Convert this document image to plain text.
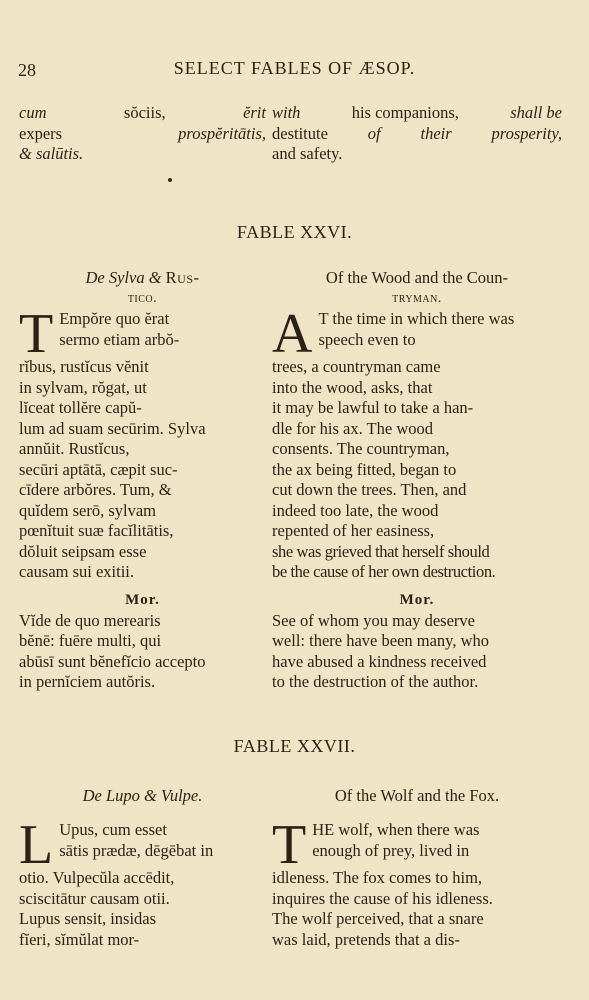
28	SELECT FABLES OF ÆSOP.
cum	sŏciis,	ĕrit
expers	prospĕritātis,
& salūtis.
with	his companions,	shall be
destitute of their prosperity,
and safety.
FABLE XXVI.
De Sylva & Rus-
tico.
Of the Wood and the Coun-
tryman.
T Empŏre quo ĕrat
sermo etiam arbŏ-
rĭbus, rustĭcus vĕnit
in sylvam, rŏgat, ut
lĭceat tollĕre capŭ-
lum ad suam secūrim. Sylva
annŭit. Rustĭcus,
secūri aptātā, cæpit suc-
cīdere arbŏres. Tum, &
quĭdem serō, sylvam
pœnĭtuit suæ facĭlitātis,
dŏluit seipsam esse
causam sui exitii.
A T the time in which there was
speech even to
trees, a countryman came
into the wood, asks, that
it may be lawful to take a han-
dle for his ax. The wood
consents. The countryman,
the ax being fitted, began to
cut down the trees. Then, and
indeed too late, the wood
repented of her easiness,
she was grieved that herself should
be the cause of her own destruction.
Mor.
Vĭde de quo merearis
bĕnē: fuēre multi, qui
abūsī sunt bĕnefĭcio accepto
in pernĭciem autŏris.
Mor.
See of whom you may deserve
well: there have been many, who
have abused a kindness received
to the destruction of the author.
FABLE XXVII.
De Lupo & Vulpe.	Of the Wolf and the Fox.
L Upus, cum esset
sātis prædæ, dēgēbat in
otio. Vulpecŭla accēdit,
sciscitātur causam otii.
Lupus sensit, insidas
fĭeri, sĭmŭlat mor-
T HE wolf, when there was
enough of prey, lived in
idleness. The fox comes to him,
inquires the cause of his idleness.
The wolf perceived, that a snare
was laid, pretends that a dis-
